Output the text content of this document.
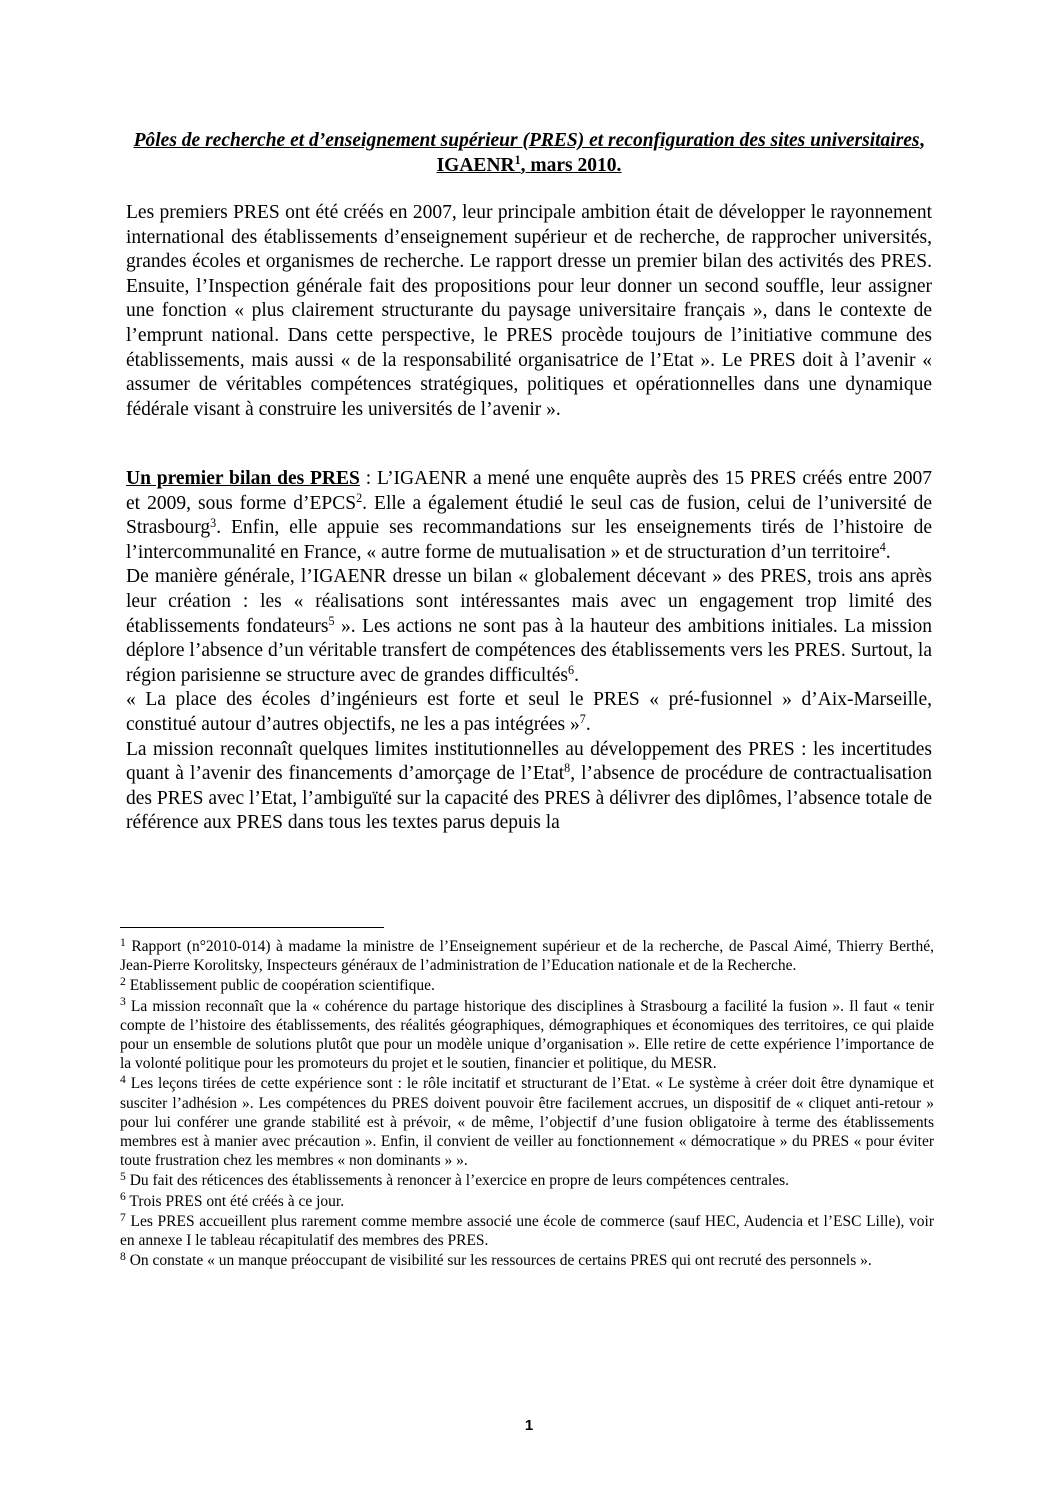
Pôles de recherche et d’enseignement supérieur (PRES) et reconfiguration des sites universitaires, IGAENR$^1$, mars 2010.

Les premiers PRES ont été créés en 2007, leur principale ambition était de développer le rayonnement international des établissements d’enseignement supérieur et de recherche, de rapprocher universités, grandes écoles et organismes de recherche. Le rapport dresse un premier bilan des activités des PRES. Ensuite, l’Inspection générale fait des propositions pour leur donner un second souffle, leur assigner une fonction « plus clairement structurante du paysage universitaire français », dans le contexte de l’emprunt national. Dans cette perspective, le PRES procède toujours de l’initiative commune des établissements, mais aussi « de la responsabilité organisatrice de l’Etat ». Le PRES doit à l’avenir « assumer de véritables compétences stratégiques, politiques et opérationnelles dans une dynamique fédérale visant à construire les universités de l’avenir ».

Un premier bilan des PRES : L’IGAENR a mené une enquête auprès des 15 PRES créés entre 2007 et 2009, sous forme d’EPCS$^2$. Elle a également étudié le seul cas de fusion, celui de l’université de Strasbourg$^3$. Enfin, elle appuie ses recommandations sur les enseignements tirés de l’histoire de l’intercommunalité en France, « autre forme de mutualisation » et de structuration d’un territoire$^4$.

De manière générale, l’IGAENR dresse un bilan « globalement décevant » des PRES, trois ans après leur création : les « réalisations sont intéressantes mais avec un engagement trop limité des établissements fondateurs$^5$ ». Les actions ne sont pas à la hauteur des ambitions initiales. La mission déplore l’absence d’un véritable transfert de compétences des établissements vers les PRES. Surtout, la région parisienne se structure avec de grandes difficultés$^6$.

« La place des écoles d’ingénieurs est forte et seul le PRES « pré-fusionnel » d’Aix-Marseille, constitué autour d’autres objectifs, ne les a pas intégrées »$^7$.

La mission reconnaît quelques limites institutionnelles au développement des PRES : les incertitudes quant à l’avenir des financements d’amorçage de l’Etat$^8$, l’absence de procédure de contractualisation des PRES avec l’Etat, l’ambiguïté sur la capacité des PRES à délivrer des diplômes, l’absence totale de référence aux PRES dans tous les textes parus depuis la

$^1$ Rapport (n°2010-014) à madame la ministre de l’Enseignement supérieur et de la recherche, de Pascal Aimé, Thierry Berthé, Jean-Pierre Korolitsky, Inspecteurs généraux de l’administration de l’Education nationale et de la Recherche.

$^2$ Etablissement public de coopération scientifique.

$^3$ La mission reconnaît que la « cohérence du partage historique des disciplines à Strasbourg a facilité la fusion ». Il faut « tenir compte de l’histoire des établissements, des réalités géographiques, démographiques et économiques des territoires, ce qui plaide pour un ensemble de solutions plutôt que pour un modèle unique d’organisation ». Elle retire de cette expérience l’importance de la volonté politique pour les promoteurs du projet et le soutien, financier et politique, du MESR.

$^4$ Les leçons tirées de cette expérience sont : le rôle incitatif et structurant de l’Etat. « Le système à créer doit être dynamique et susciter l’adhésion ». Les compétences du PRES doivent pouvoir être facilement accrues, un dispositif de « cliquet anti-retour » pour lui conférer une grande stabilité est à prévoir, « de même, l’objectif d’une fusion obligatoire à terme des établissements membres est à manier avec précaution ». Enfin, il convient de veiller au fonctionnement « démocratique » du PRES « pour éviter toute frustration chez les membres « non dominants » ».

$^5$ Du fait des réticences des établissements à renoncer à l’exercice en propre de leurs compétences centrales.

$^6$ Trois PRES ont été créés à ce jour.

$^7$ Les PRES accueillent plus rarement comme membre associé une école de commerce (sauf HEC, Audencia et l’ESC Lille), voir en annexe I le tableau récapitulatif des membres des PRES.

$^8$ On constate « un manque préoccupant de visibilité sur les ressources de certains PRES qui ont recruté des personnels ».

1
